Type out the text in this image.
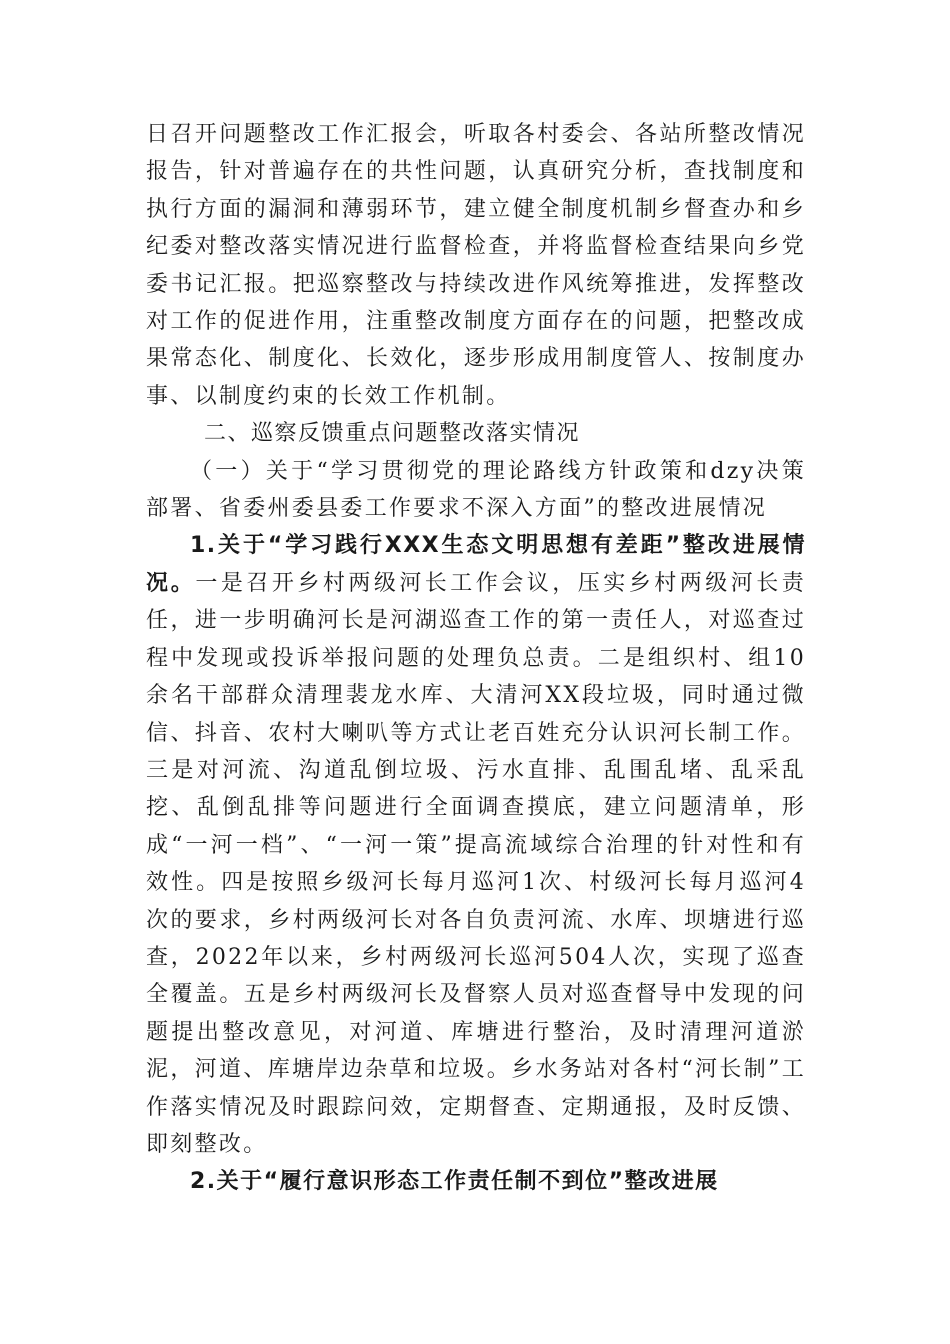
日召开问题整改工作汇报会，听取各村委会、各站所整改情况报告，针对普遍存在的共性问题，认真研究分析，查找制度和执行方面的漏洞和薄弱环节，建立健全制度机制乡督查办和乡纪委对整改落实情况进行监督检查，并将监督检查结果向乡党委书记汇报。把巡察整改与持续改进作风统筹推进，发挥整改对工作的促进作用，注重整改制度方面存在的问题，把整改成果常态化、制度化、长效化，逐步形成用制度管人、按制度办事、以制度约束的长效工作机制。

二、巡察反馈重点问题整改落实情况

（一）关于“学习贯彻党的理论路线方针政策和dzy决策部署、省委州委县委工作要求不深入方面”的整改进展情况

1.关于“学习践行XXX生态文明思想有差距”整改进展情况。一是召开乡村两级河长工作会议，压实乡村两级河长责任，进一步明确河长是河湖巡查工作的第一责任人，对巡查过程中发现或投诉举报问题的处理负总责。二是组织村、组10余名干部群众清理裴龙水库、大清河XX段垃圾，同时通过微信、抖音、农村大喇叭等方式让老百姓充分认识河长制工作。三是对河流、沟道乱倒垃圾、污水直排、乱围乱堵、乱采乱挖、乱倒乱排等问题进行全面调查摸底，建立问题清单，形成“一河一档”、“一河一策”提高流域综合治理的针对性和有效性。四是按照乡级河长每月巡河1次、村级河长每月巡河4次的要求，乡村两级河长对各自负责河流、水库、坝塘进行巡查，2022年以来，乡村两级河长巡河504人次，实现了巡查全覆盖。五是乡村两级河长及督察人员对巡查督导中发现的问题提出整改意见，对河道、库塘进行整治，及时清理河道淤泥，河道、库塘岸边杂草和垃圾。乡水务站对各村“河长制”工作落实情况及时跟踪问效，定期督查、定期通报，及时反馈、即刻整改。

2.关于“履行意识形态工作责任制不到位”整改进展
